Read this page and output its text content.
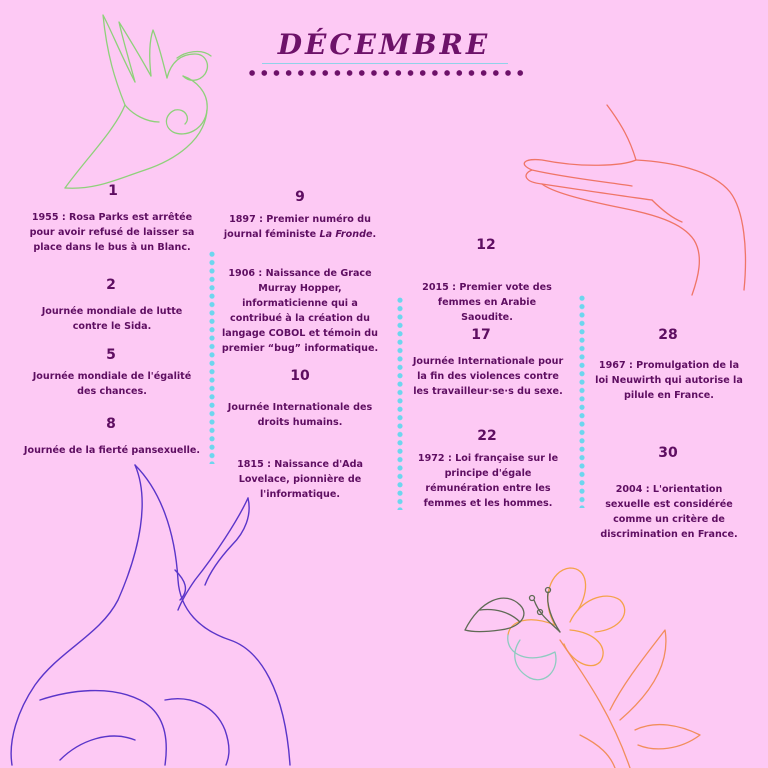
DÉCEMBRE
1
1955 : Rosa Parks est arrêtée pour avoir refusé de laisser sa place dans le bus à un Blanc.
2
Journée mondiale de lutte contre le Sida.
5
Journée mondiale de l'égalité des chances.
8
Journée de la fierté pansexuelle.
9
1897 : Premier numéro du journal féministe La Fronde.
1906 : Naissance de Grace Murray Hopper, informaticienne qui a contribué à la création du langage COBOL et témoin du premier “bug” informatique.
10
Journée Internationale des droits humains.
1815 : Naissance d'Ada Lovelace, pionnière de l'informatique.
12
2015 : Premier vote des femmes en Arabie Saoudite.
17
Journée Internationale pour la fin des violences contre les travailleur·se·s du sexe.
22
1972 : Loi française sur le principe d'égale rémunération entre les femmes et les hommes.
28
1967 : Promulgation de la loi Neuwirth qui autorise la pilule en France.
30
2004 : L'orientation sexuelle est considérée comme un critère de discrimination en France.
